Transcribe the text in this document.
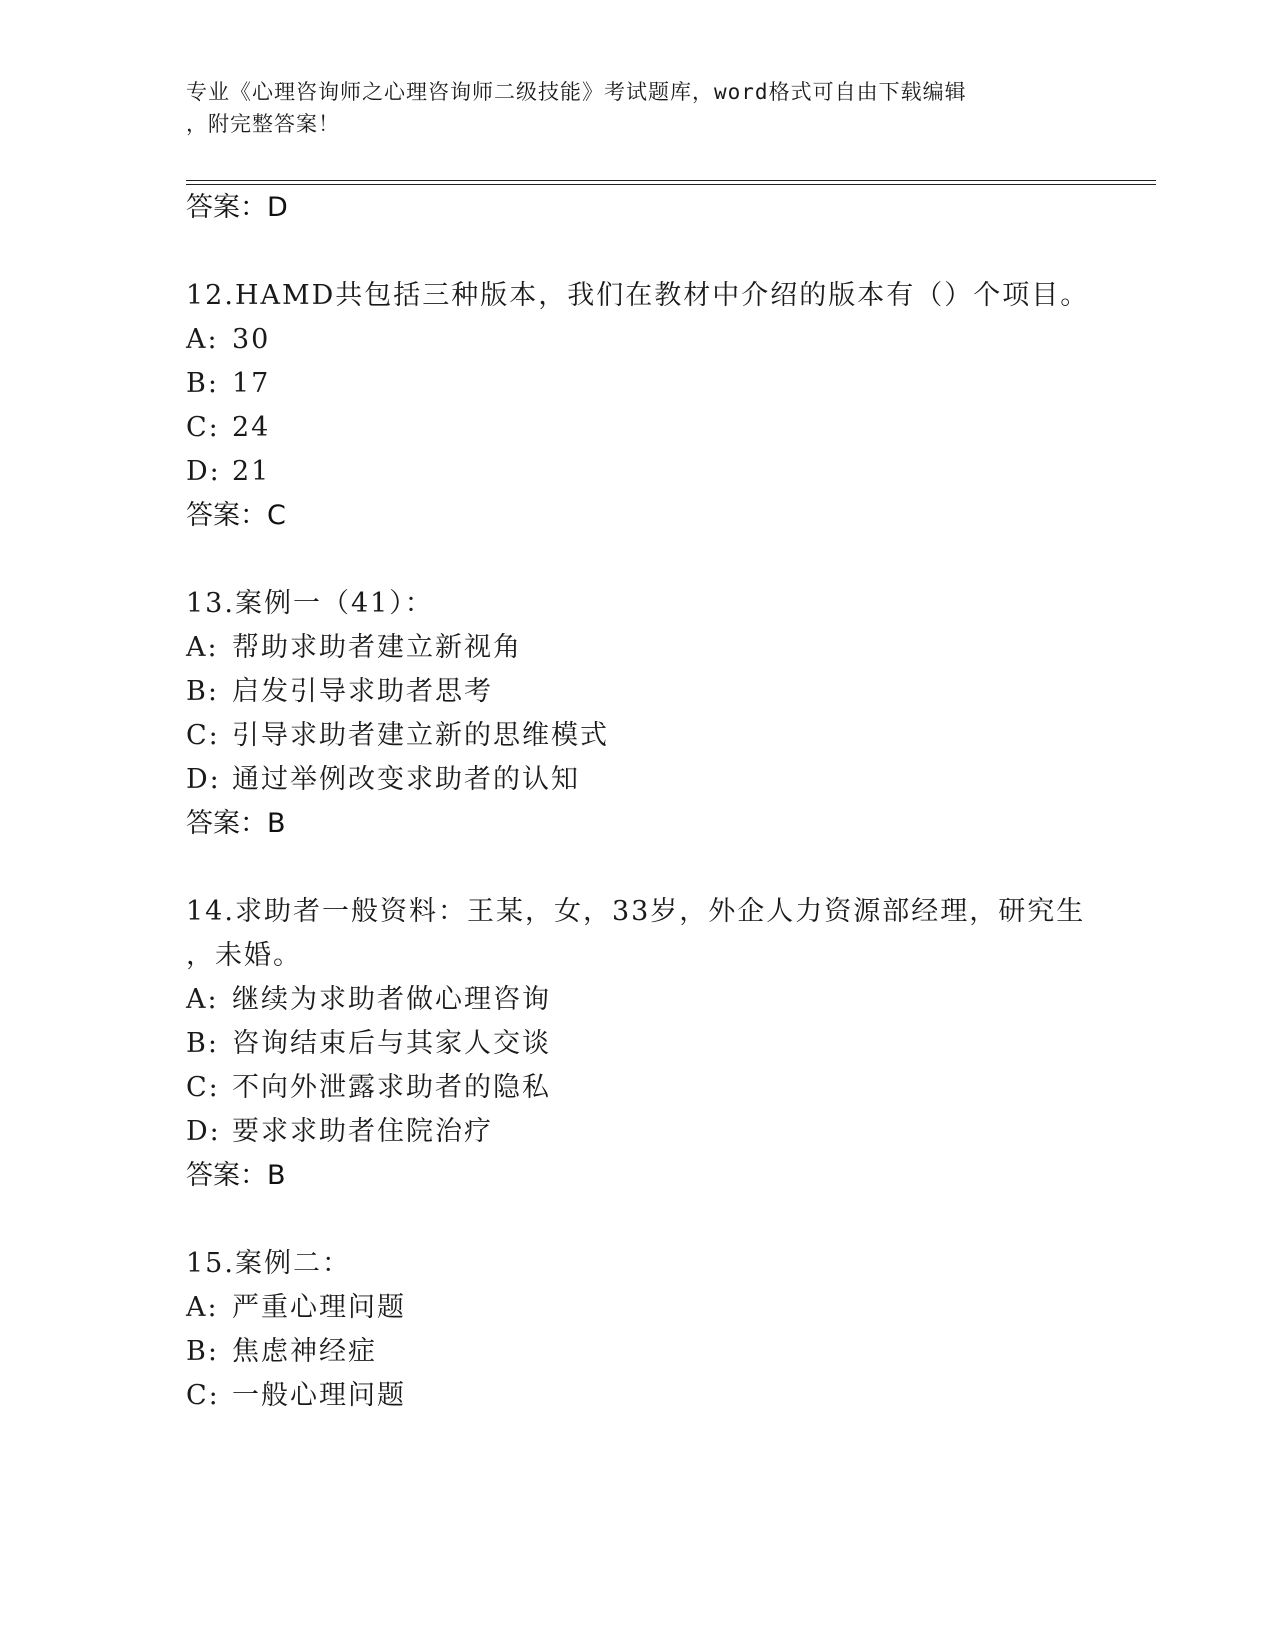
专业《心理咨询师之心理咨询师二级技能》考试题库，word格式可自由下载编辑
，附完整答案！
答案：D
12.HAMD共包括三种版本，我们在教材中介绍的版本有（）个项目。
A: 30
B: 17
C: 24
D: 21
答案：C
13.案例一（41）：
A: 帮助求助者建立新视角
B: 启发引导求助者思考
C: 引导求助者建立新的思维模式
D: 通过举例改变求助者的认知
答案：B
14.求助者一般资料：王某，女，33岁，外企人力资源部经理，研究生
，未婚。
A: 继续为求助者做心理咨询
B: 咨询结束后与其家人交谈
C: 不向外泄露求助者的隐私
D: 要求求助者住院治疗
答案：B
15.案例二：
A: 严重心理问题
B: 焦虑神经症
C: 一般心理问题
